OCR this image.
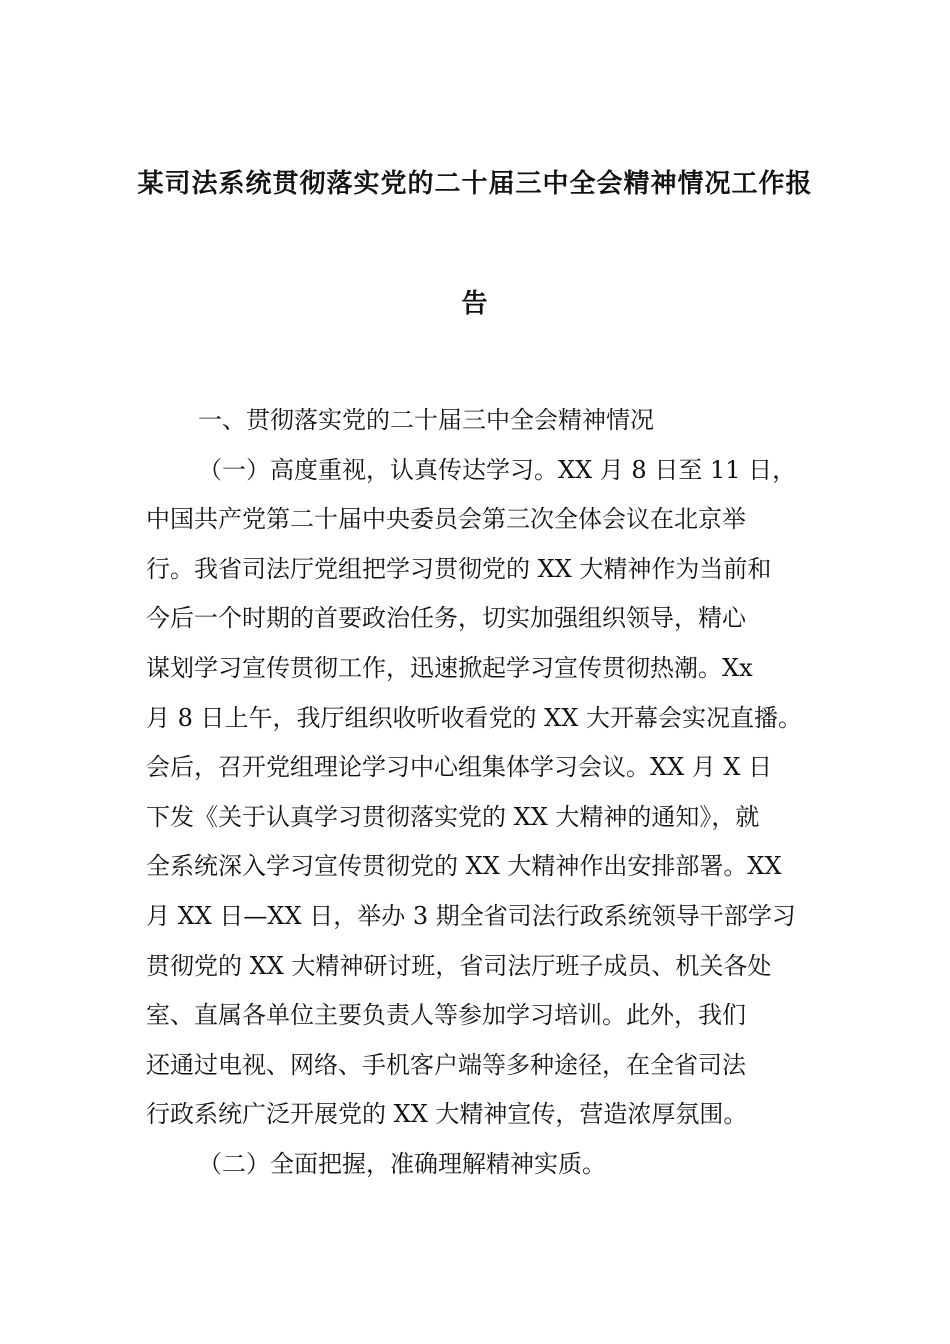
某司法系统贯彻落实党的二十届三中全会精神情况工作报
告
一、贯彻落实党的二十届三中全会精神情况
（一）高度重视，认真传达学习。XX 月 8 日至 11 日，
中国共产党第二十届中央委员会第三次全体会议在北京举
行。我省司法厅党组把学习贯彻党的 XX 大精神作为当前和
今后一个时期的首要政治任务，切实加强组织领导，精心
谋划学习宣传贯彻工作，迅速掀起学习宣传贯彻热潮。Xx
月 8 日上午，我厅组织收听收看党的 XX 大开幕会实况直播。
会后，召开党组理论学习中心组集体学习会议。XX 月 X 日
下发《关于认真学习贯彻落实党的 XX 大精神的通知》，就
全系统深入学习宣传贯彻党的 XX 大精神作出安排部署。XX
月 XX 日—XX 日，举办 3 期全省司法行政系统领导干部学习
贯彻党的 XX 大精神研讨班，省司法厅班子成员、机关各处
室、直属各单位主要负责人等参加学习培训。此外，我们
还通过电视、网络、手机客户端等多种途径，在全省司法
行政系统广泛开展党的 XX 大精神宣传，营造浓厚氛围。
（二）全面把握，准确理解精神实质。
